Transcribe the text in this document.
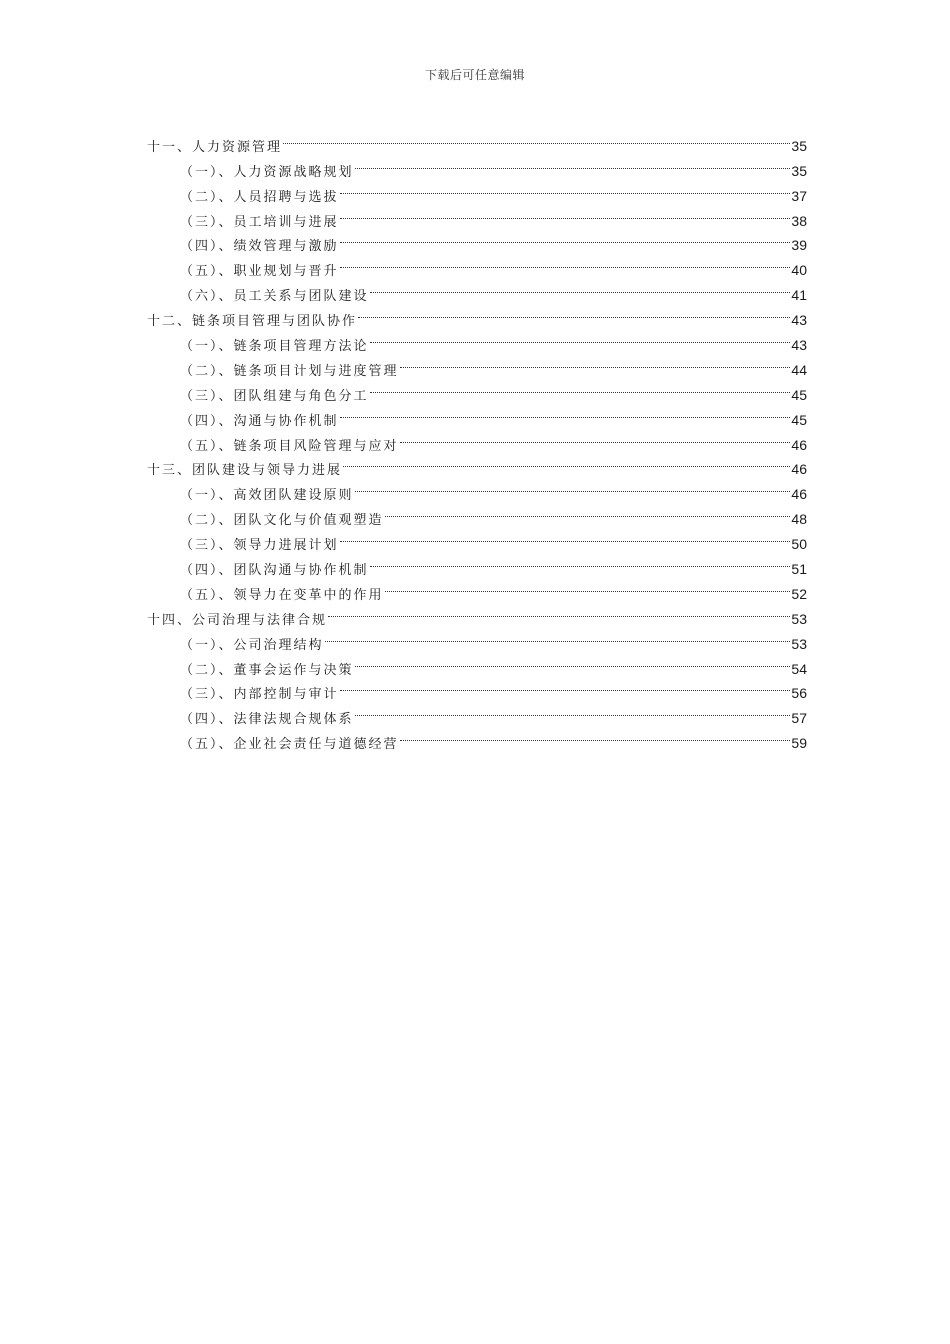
下载后可任意编辑
十一、人力资源管理	35
（一）、人力资源战略规划	35
（二）、人员招聘与选拔	37
（三）、员工培训与进展	38
（四）、绩效管理与激励	39
（五）、职业规划与晋升	40
（六）、员工关系与团队建设	41
十二、链条项目管理与团队协作	43
（一）、链条项目管理方法论	43
（二）、链条项目计划与进度管理	44
（三）、团队组建与角色分工	45
（四）、沟通与协作机制	45
（五）、链条项目风险管理与应对	46
十三、团队建设与领导力进展	46
（一）、高效团队建设原则	46
（二）、团队文化与价值观塑造	48
（三）、领导力进展计划	50
（四）、团队沟通与协作机制	51
（五）、领导力在变革中的作用	52
十四、公司治理与法律合规	53
（一）、公司治理结构	53
（二）、董事会运作与决策	54
（三）、内部控制与审计	56
（四）、法律法规合规体系	57
（五）、企业社会责任与道德经营	59
